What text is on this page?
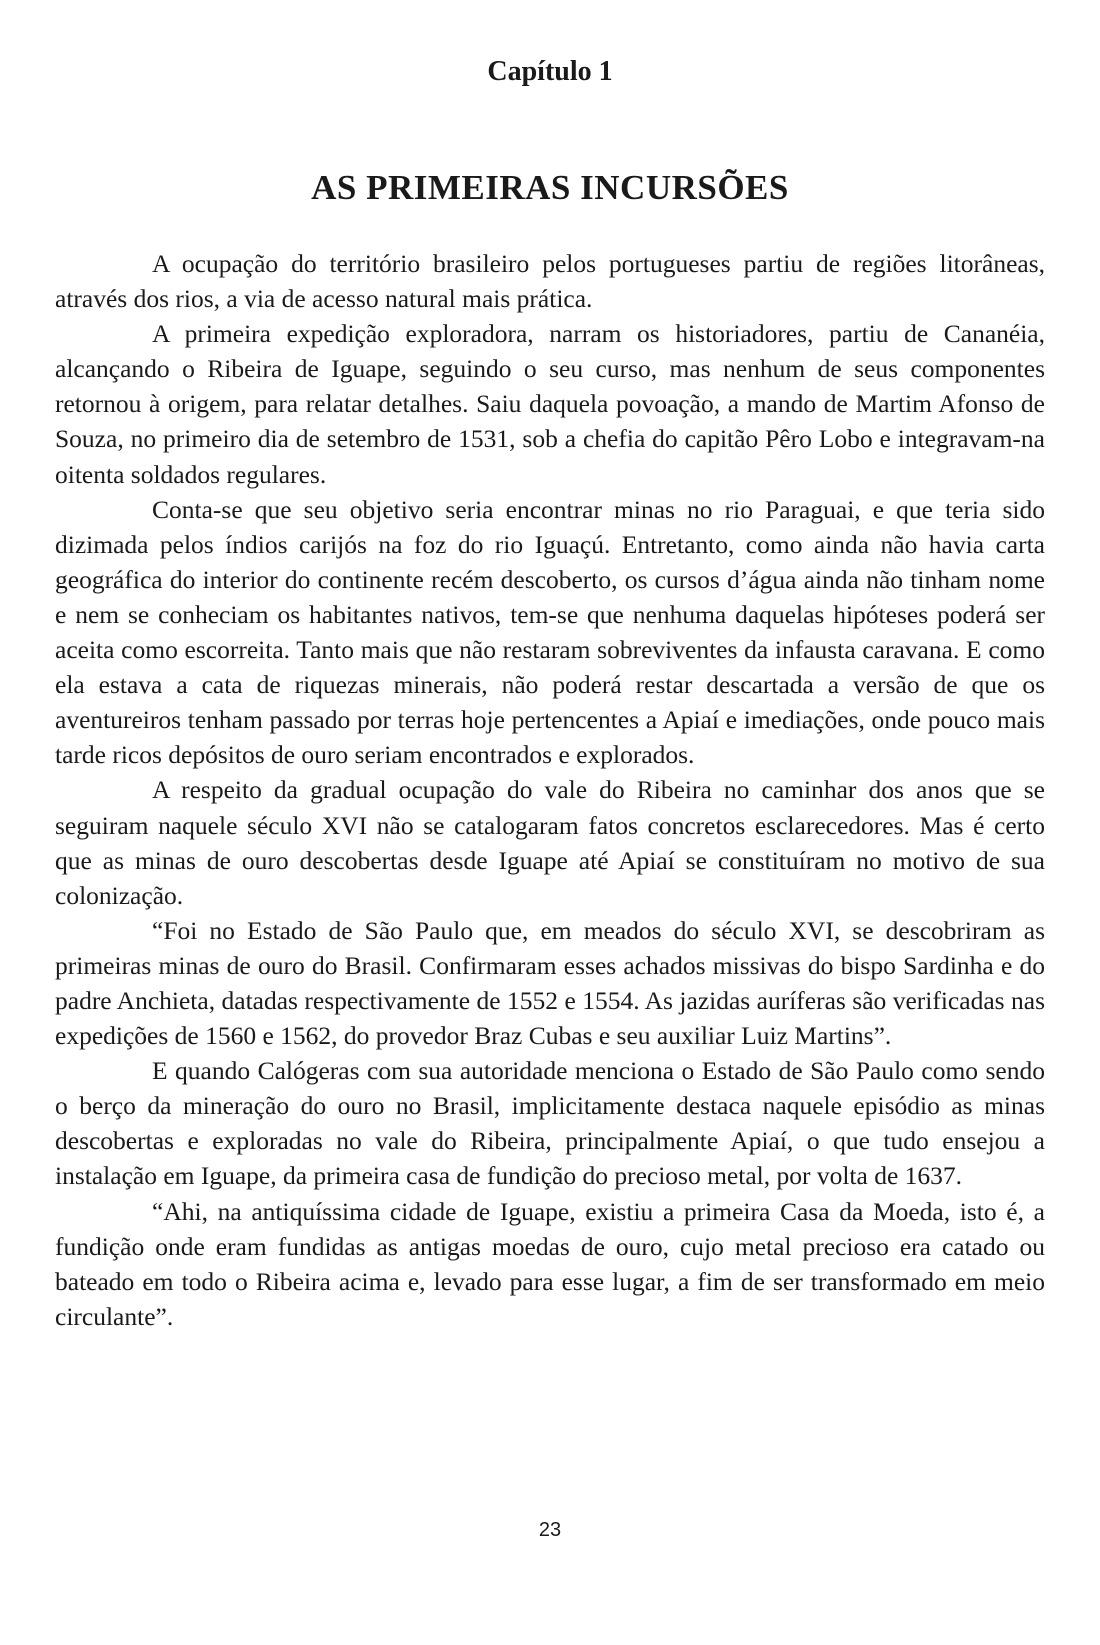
Capítulo 1
AS PRIMEIRAS INCURSÕES

A ocupação do território brasileiro pelos portugueses partiu de regiões litorâneas, através dos rios, a via de acesso natural mais prática.

A primeira expedição exploradora, narram os historiadores, partiu de Cananéia, alcançando o Ribeira de Iguape, seguindo o seu curso, mas nenhum de seus componentes retornou à origem, para relatar detalhes. Saiu daquela povoação, a mando de Martim Afonso de Souza, no primeiro dia de setembro de 1531, sob a chefia do capitão Pêro Lobo e integravam-na oitenta soldados regulares.

Conta-se que seu objetivo seria encontrar minas no rio Paraguai, e que teria sido dizimada pelos índios carijós na foz do rio Iguaçú. Entretanto, como ainda não havia carta geográfica do interior do continente recém descoberto, os cursos d’água ainda não tinham nome e nem se conheciam os habitantes nativos, tem-se que nenhuma daquelas hipóteses poderá ser aceita como escorreita. Tanto mais que não restaram sobreviventes da infausta caravana. E como ela estava a cata de riquezas minerais, não poderá restar descartada a versão de que os aventureiros tenham passado por terras hoje pertencentes a Apiaí e imediações, onde pouco mais tarde ricos depósitos de ouro seriam encontrados e explorados.

A respeito da gradual ocupação do vale do Ribeira no caminhar dos anos que se seguiram naquele século XVI não se catalogaram fatos concretos esclarecedores. Mas é certo que as minas de ouro descobertas desde Iguape até Apiaí se constituíram no motivo de sua colonização.

“Foi no Estado de São Paulo que, em meados do século XVI, se descobriram as primeiras minas de ouro do Brasil. Confirmaram esses achados missivas do bispo Sardinha e do padre Anchieta, datadas respectivamente de 1552 e 1554. As jazidas auríferas são verificadas nas expedições de 1560 e 1562, do provedor Braz Cubas e seu auxiliar Luiz Martins”.

E quando Calógeras com sua autoridade menciona o Estado de São Paulo como sendo o berço da mineração do ouro no Brasil, implicitamente destaca naquele episódio as minas descobertas e exploradas no vale do Ribeira, principalmente Apiaí, o que tudo ensejou a instalação em Iguape, da primeira casa de fundição do precioso metal, por volta de 1637.

“Ahi, na antiquíssima cidade de Iguape, existiu a primeira Casa da Moeda, isto é, a fundição onde eram fundidas as antigas moedas de ouro, cujo metal precioso era catado ou bateado em todo o Ribeira acima e, levado para esse lugar, a fim de ser transformado em meio circulante”.

23
